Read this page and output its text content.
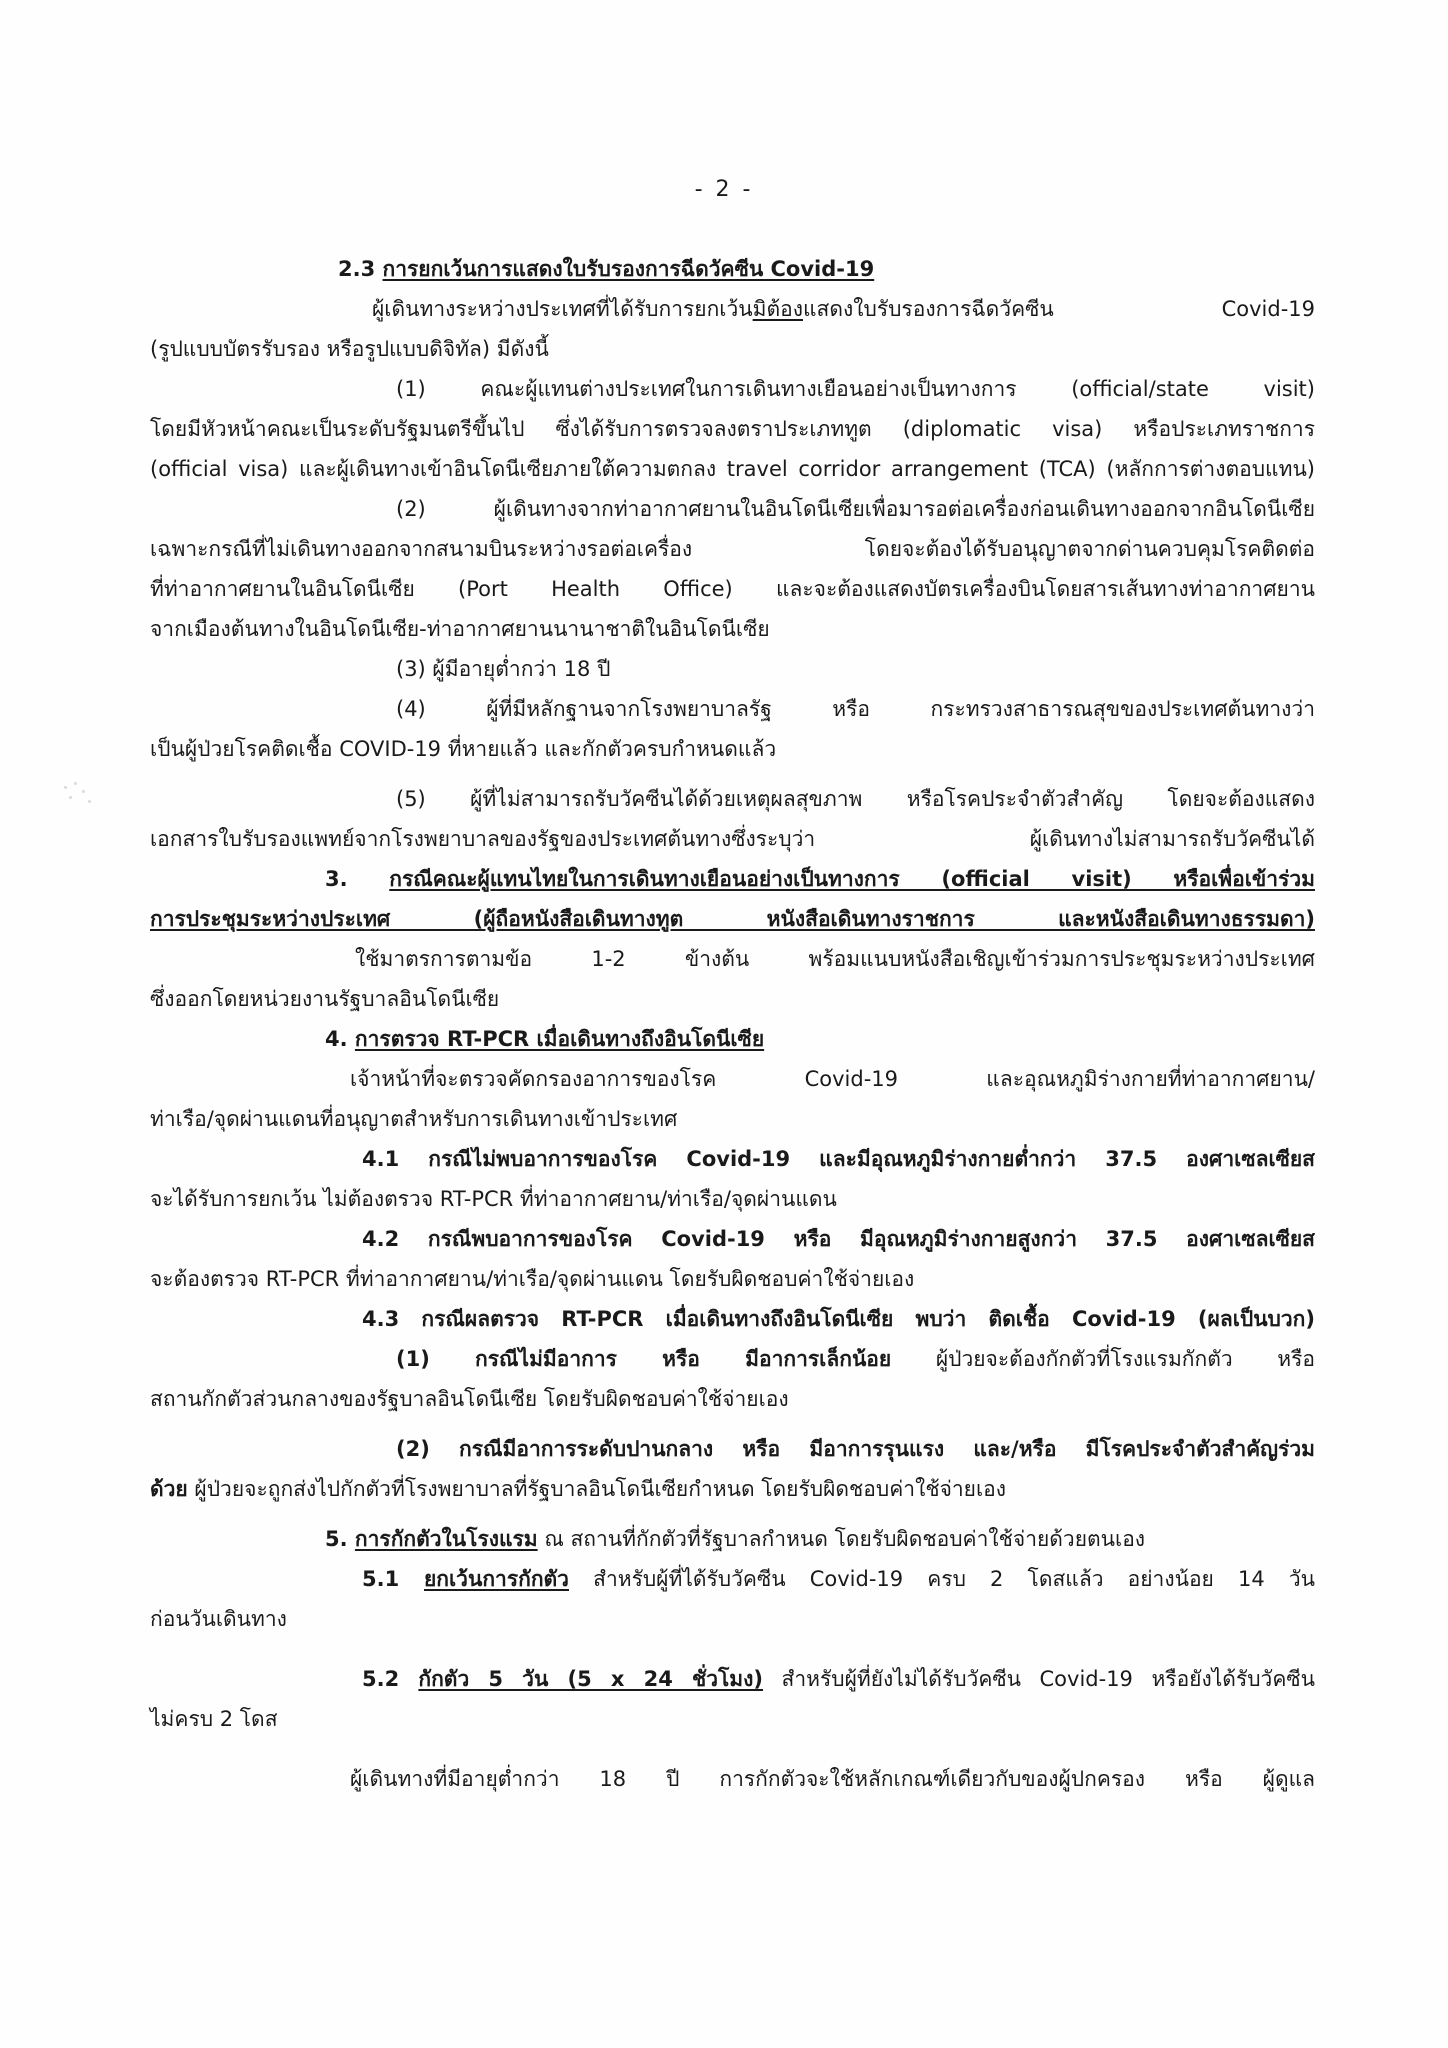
- 2 -
2.3 การยกเว้นการแสดงใบรับรองการฉีดวัคซีน Covid-19
ผู้เดินทางระหว่างประเทศที่ได้รับการยกเว้นมิต้องแสดงใบรับรองการฉีดวัคซีน Covid-19
(รูปแบบบัตรรับรอง หรือรูปแบบดิจิทัล) มีดังนี้
(1) คณะผู้แทนต่างประเทศในการเดินทางเยือนอย่างเป็นทางการ (official/state visit)
โดยมีหัวหน้าคณะเป็นระดับรัฐมนตรีขึ้นไป ซึ่งได้รับการตรวจลงตราประเภททูต (diplomatic visa) หรือประเภทราชการ
(official visa) และผู้เดินทางเข้าอินโดนีเซียภายใต้ความตกลง travel corridor arrangement (TCA) (หลักการต่างตอบแทน)
(2) ผู้เดินทางจากท่าอากาศยานในอินโดนีเซียเพื่อมารอต่อเครื่องก่อนเดินทางออกจากอินโดนีเซีย
เฉพาะกรณีที่ไม่เดินทางออกจากสนามบินระหว่างรอต่อเครื่อง โดยจะต้องได้รับอนุญาตจากด่านควบคุมโรคติดต่อ
ที่ท่าอากาศยานในอินโดนีเซีย (Port Health Office) และจะต้องแสดงบัตรเครื่องบินโดยสารเส้นทางท่าอากาศยาน
จากเมืองต้นทางในอินโดนีเซีย-ท่าอากาศยานนานาชาติในอินโดนีเซีย
(3) ผู้มีอายุต่ำกว่า 18 ปี
(4) ผู้ที่มีหลักฐานจากโรงพยาบาลรัฐ หรือ กระทรวงสาธารณสุขของประเทศต้นทางว่า
เป็นผู้ป่วยโรคติดเชื้อ COVID-19 ที่หายแล้ว และกักตัวครบกำหนดแล้ว
(5) ผู้ที่ไม่สามารถรับวัคซีนได้ด้วยเหตุผลสุขภาพ หรือโรคประจำตัวสำคัญ โดยจะต้องแสดง
เอกสารใบรับรองแพทย์จากโรงพยาบาลของรัฐของประเทศต้นทางซึ่งระบุว่า ผู้เดินทางไม่สามารถรับวัคซีนได้
3. กรณีคณะผู้แทนไทยในการเดินทางเยือนอย่างเป็นทางการ (official visit) หรือเพื่อเข้าร่วม
การประชุมระหว่างประเทศ (ผู้ถือหนังสือเดินทางทูต หนังสือเดินทางราชการ และหนังสือเดินทางธรรมดา)
ใช้มาตรการตามข้อ 1-2 ข้างต้น พร้อมแนบหนังสือเชิญเข้าร่วมการประชุมระหว่างประเทศ
ซึ่งออกโดยหน่วยงานรัฐบาลอินโดนีเซีย
4. การตรวจ RT-PCR เมื่อเดินทางถึงอินโดนีเซีย
เจ้าหน้าที่จะตรวจคัดกรองอาการของโรค Covid-19 และอุณหภูมิร่างกายที่ท่าอากาศยาน/
ท่าเรือ/จุดผ่านแดนที่อนุญาตสำหรับการเดินทางเข้าประเทศ
4.1 กรณีไม่พบอาการของโรค Covid-19 และมีอุณหภูมิร่างกายต่ำกว่า 37.5 องศาเซลเซียส
จะได้รับการยกเว้น ไม่ต้องตรวจ RT-PCR ที่ท่าอากาศยาน/ท่าเรือ/จุดผ่านแดน
4.2 กรณีพบอาการของโรค Covid-19 หรือ มีอุณหภูมิร่างกายสูงกว่า 37.5 องศาเซลเซียส
จะต้องตรวจ RT-PCR ที่ท่าอากาศยาน/ท่าเรือ/จุดผ่านแดน โดยรับผิดชอบค่าใช้จ่ายเอง
4.3 กรณีผลตรวจ RT-PCR เมื่อเดินทางถึงอินโดนีเซีย พบว่า ติดเชื้อ Covid-19 (ผลเป็นบวก)
(1) กรณีไม่มีอาการ หรือ มีอาการเล็กน้อย ผู้ป่วยจะต้องกักตัวที่โรงแรมกักตัว หรือ
สถานกักตัวส่วนกลางของรัฐบาลอินโดนีเซีย โดยรับผิดชอบค่าใช้จ่ายเอง
(2) กรณีมีอาการระดับปานกลาง หรือ มีอาการรุนแรง และ/หรือ มีโรคประจำตัวสำคัญร่วม
ด้วย ผู้ป่วยจะถูกส่งไปกักตัวที่โรงพยาบาลที่รัฐบาลอินโดนีเซียกำหนด โดยรับผิดชอบค่าใช้จ่ายเอง
5. การกักตัวในโรงแรม ณ สถานที่กักตัวที่รัฐบาลกำหนด โดยรับผิดชอบค่าใช้จ่ายด้วยตนเอง
5.1 ยกเว้นการกักตัว สำหรับผู้ที่ได้รับวัคซีน Covid-19 ครบ 2 โดสแล้ว อย่างน้อย 14 วัน
ก่อนวันเดินทาง
5.2 กักตัว 5 วัน (5 x 24 ชั่วโมง) สำหรับผู้ที่ยังไม่ได้รับวัคซีน Covid-19 หรือยังได้รับวัคซีน
ไม่ครบ 2 โดส
ผู้เดินทางที่มีอายุต่ำกว่า 18 ปี การกักตัวจะใช้หลักเกณฑ์เดียวกับของผู้ปกครอง หรือ ผู้ดูแล
